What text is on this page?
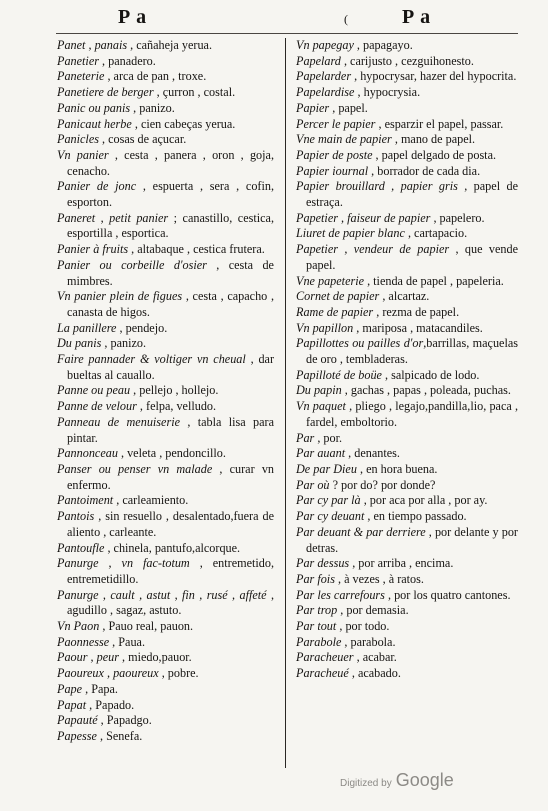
P a	(	P a
Panet , panais , cañaheja yerua.
Panetier , panadero.
Paneterie , arca de pan , troxe.
Panetiere de berger , çurron , costal.
Panic ou panis , panizo.
Panicaut herbe , cien cabeças yerua.
Panicles , cosas de açucar.
Vn panier , cesta , panera , oron , goja, cenacho.
Panier de jonc , espuerta , sera , cofin, esporton.
Paneret , petit panier ; canastillo, cestica, esportilla , esportica.
Panier à fruits , altabaque , cestica frutera.
Panier ou corbeille d'osier , cesta de mimbres.
Vn panier plein de figues , cesta , capacho , canasta de higos.
La panillere , pendejo.
Du panis , panizo.
Faire pannader & voltiger vn cheual , dar bueltas al cauallo.
Panne ou peau , pellejo , hollejo.
Panne de velour , felpa, velludo.
Panneau de menuiserie , tabla lisa para pintar.
Pannonceau , veleta , pendoncillo.
Panser ou penser vn malade , curar vn enfermo.
Pantoiment , carleamiento.
Pantois , sin resuello , desalentado,fuera de aliento , carleante.
Pantoufle , chinela, pantufo,alcorque.
Panurge , vn fac-totum , entremetido, entremetidillo.
Panurge , cault , astut , fin , rusé , affeté , agudillo , sagaz, astuto.
Vn Paon , Pauo real, pauon.
Paonnesse , Paua.
Paour , peur , miedo,pauor.
Paoureux , paoureux , pobre.
Pape , Papa.
Papat , Papado.
Papauté , Papadgo.
Papesse , Senefa.
Vn papegay , papagayo.
Papelard , carijusto , cezguihonesto.
Papelarder , hypocrysar, hazer del hypocrita.
Papelardise , hypocrysia.
Papier , papel.
Percer le papier , esparzir el papel, passar.
Vne main de papier , mano de papel.
Papier de poste , papel delgado de posta.
Papier iournal , borrador de cada dia.
Papier brouillard , papier gris , papel de estraça.
Papetier , faiseur de papier , papelero.
Liuret de papier blanc , cartapacio.
Papetier , vendeur de papier , que vende papel.
Vne papeterie , tienda de papel , papeleria.
Cornet de papier , alcartaz.
Rame de papier , rezma de papel.
Vn papillon , mariposa , matacandiles.
Papillottes ou pailles d'or,barrillas, maçuelas de oro , tembladeras.
Papilloté de boüe , salpicado de lodo.
Du papin , gachas , papas , poleada, puchas.
Vn paquet , pliego , legajo,pandilla,lio, paca , fardel, emboltorio.
Par , por.
Par auant , denantes.
De par Dieu , en hora buena.
Par où ? por do? por donde?
Par cy par là , por aca por alla , por ay.
Par cy deuant , en tiempo passado.
Par deuant & par derriere , por delante y por detras.
Par dessus , por arriba , encima.
Par fois , à vezes , à ratos.
Par les carrefours , por los quatro cantones.
Par trop , por demasia.
Par tout , por todo.
Parabole , parabola.
Paracheuer , acabar.
Paracheué , acabado.
Digitized by Google
